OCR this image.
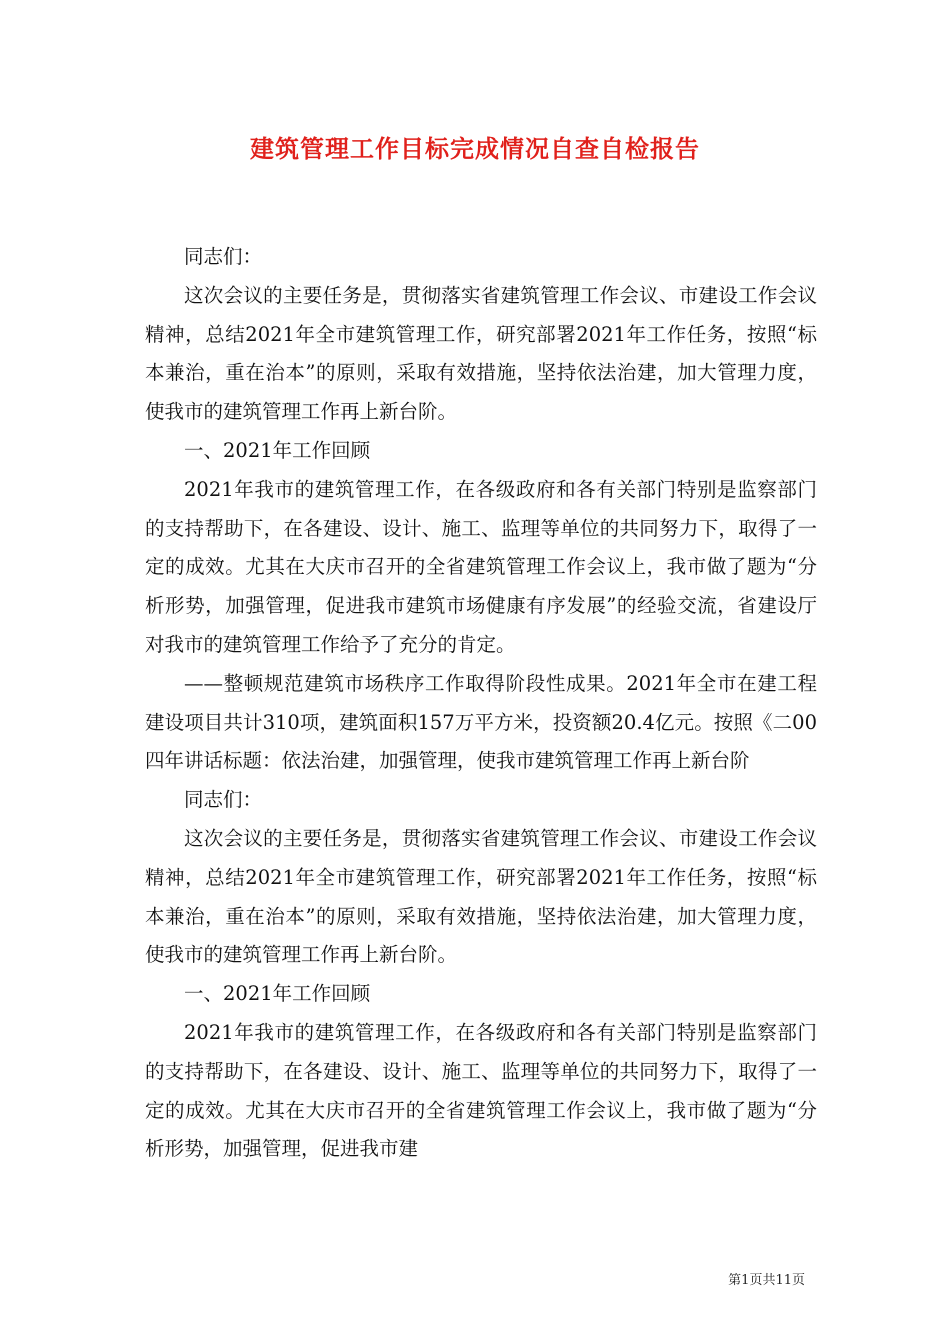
建筑管理工作目标完成情况自查自检报告

同志们：

这次会议的主要任务是，贯彻落实省建筑管理工作会议、市建设工作会议精神，总结2021年全市建筑管理工作，研究部署2021年工作任务，按照“标本兼治，重在治本”的原则，采取有效措施，坚持依法治建，加大管理力度，使我市的建筑管理工作再上新台阶。

一、2021年工作回顾

2021年我市的建筑管理工作，在各级政府和各有关部门特别是监察部门的支持帮助下，在各建设、设计、施工、监理等单位的共同努力下，取得了一定的成效。尤其在大庆市召开的全省建筑管理工作会议上，我市做了题为“分析形势，加强管理，促进我市建筑市场健康有序发展”的经验交流，省建设厅对我市的建筑管理工作给予了充分的肯定。

——整顿规范建筑市场秩序工作取得阶段性成果。2021年全市在建工程建设项目共计310项，建筑面积157万平方米，投资额20.4亿元。按照《二00四年讲话标题：依法治建，加强管理，使我市建筑管理工作再上新台阶

同志们：

这次会议的主要任务是，贯彻落实省建筑管理工作会议、市建设工作会议精神，总结2021年全市建筑管理工作，研究部署2021年工作任务，按照“标本兼治，重在治本”的原则，采取有效措施，坚持依法治建，加大管理力度，使我市的建筑管理工作再上新台阶。

一、2021年工作回顾

2021年我市的建筑管理工作，在各级政府和各有关部门特别是监察部门的支持帮助下，在各建设、设计、施工、监理等单位的共同努力下，取得了一定的成效。尤其在大庆市召开的全省建筑管理工作会议上，我市做了题为“分析形势，加强管理，促进我市建

第1页共11页
